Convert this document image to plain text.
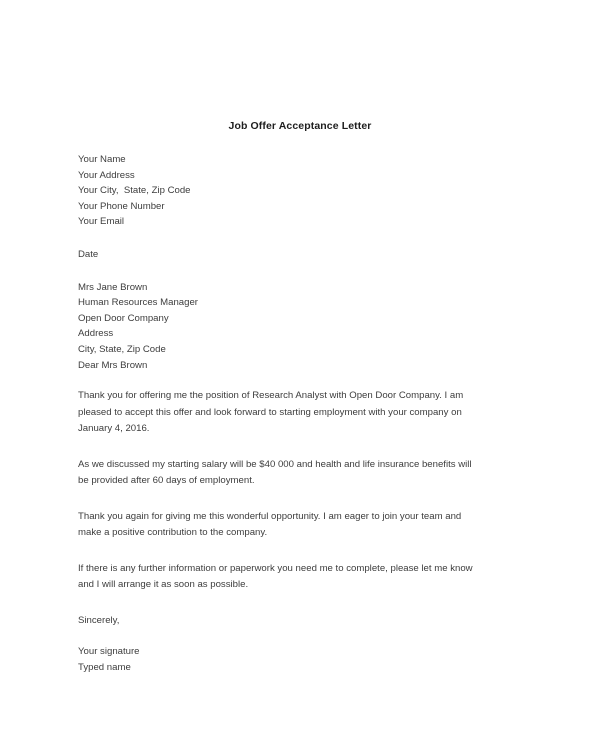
Job Offer Acceptance Letter
Your Name
Your Address
Your City,  State, Zip Code
Your Phone Number
Your Email
Date
Mrs Jane Brown
Human Resources Manager
Open Door Company
Address
City, State, Zip Code
Dear Mrs Brown

Thank you for offering me the position of Research Analyst with Open Door Company. I am pleased to accept this offer and look forward to starting employment with your company on January 4, 2016.

As we discussed my starting salary will be $40 000 and health and life insurance benefits will be provided after 60 days of employment.

Thank you again for giving me this wonderful opportunity. I am eager to join your team and make a positive contribution to the company.

If there is any further information or paperwork you need me to complete, please let me know and I will arrange it as soon as possible.

Sincerely,
Your signature
Typed name
